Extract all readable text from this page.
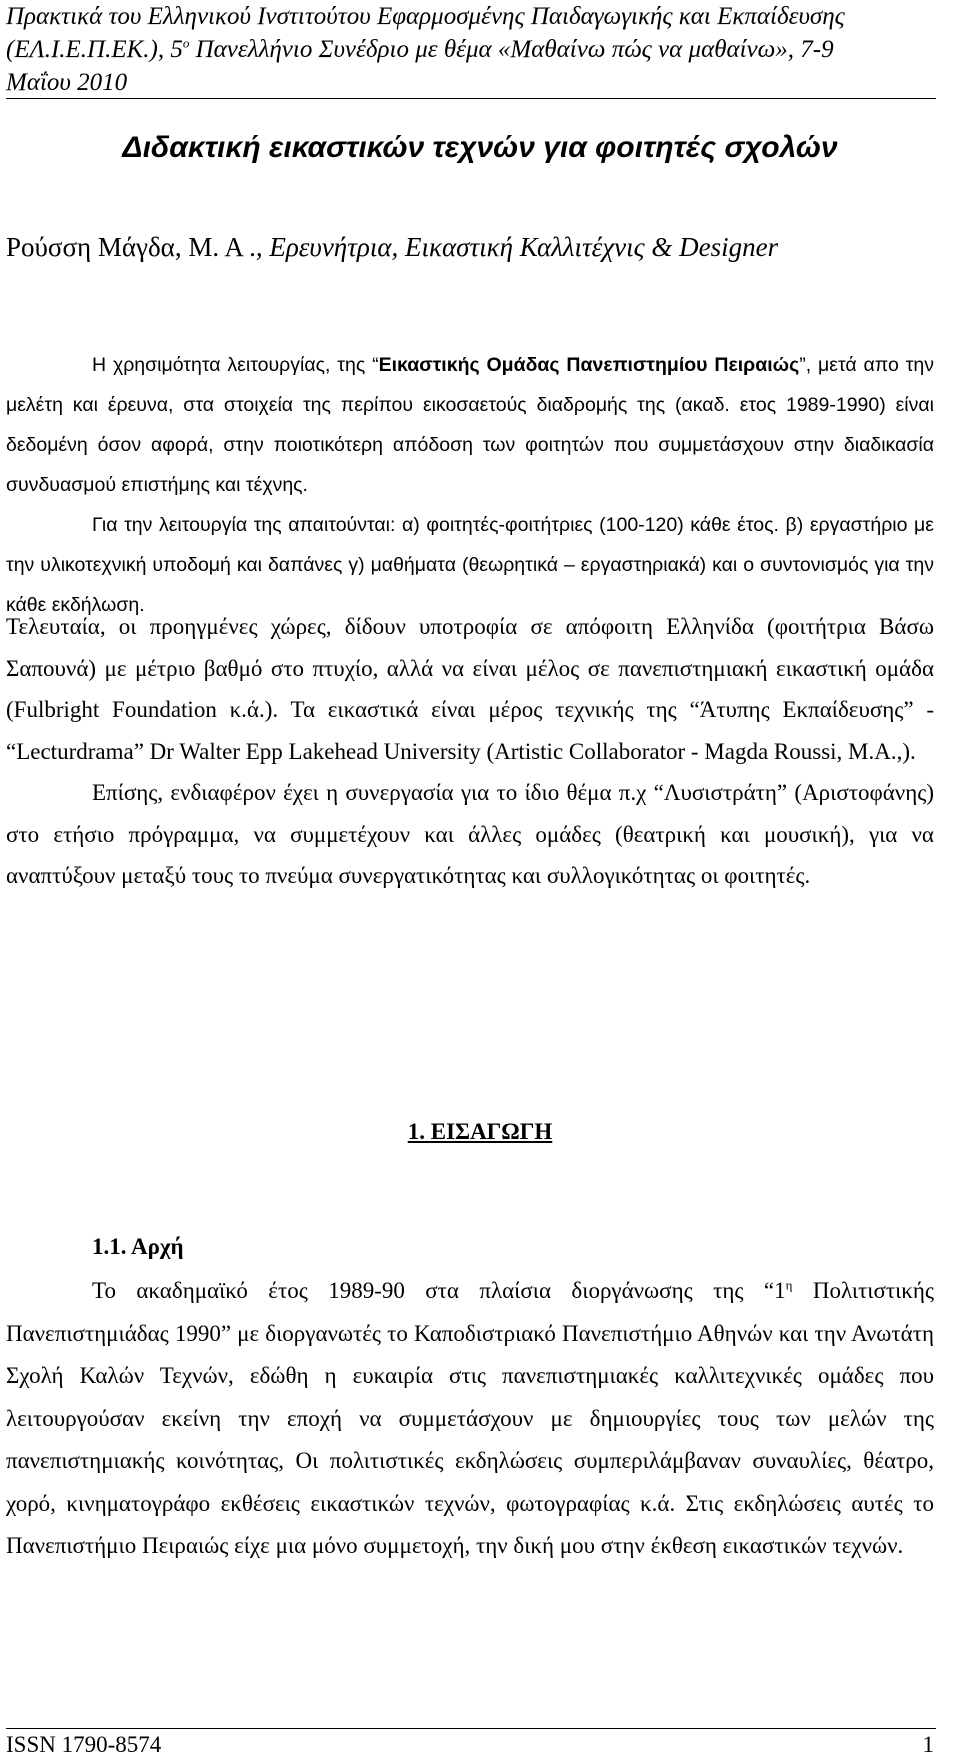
Πρακτικά του Ελληνικού Ινστιτούτου Εφαρμοσμένης Παιδαγωγικής και Εκπαίδευσης
(ΕΛ.Ι.Ε.Π.ΕΚ.), $5^o$ Πανελλήνιο Συνέδριο με θέμα «Μαθαίνω πώς να μαθαίνω», 7-9
Μαΐου 2010
Διδακτική εικαστικών τεχνών για φοιτητές σχολών
Ρούσση Μάγδα, Μ. Α ., Ερευνήτρια, Εικαστική Καλλιτέχνις & Designer

Η χρησιμότητα λειτουργίας, της “Εικαστικής Ομάδας Πανεπιστημίου Πειραιώς”, μετά απο την μελέτη και έρευνα, στα στοιχεία της περίπου εικοσαετούς διαδρομής της (ακαδ. ετος 1989-1990) είναι δεδομένη όσον αφορά, στην ποιοτικότερη απόδοση των φοιτητών που συμμετάσχουν στην διαδικασία συνδυασμού επιστήμης και τέχνης.

Για την λειτουργία της απαιτούνται: α) φοιτητές-φοιτήτριες (100-120) κάθε έτος. β) εργαστήριο με την υλικοτεχνική υποδομή και δαπάνες γ) μαθήματα (θεωρητικά – εργαστηριακά) και ο συντονισμός για την κάθε εκδήλωση.

Τελευταία, οι προηγμένες χώρες, δίδουν υποτροφία σε απόφοιτη Ελληνίδα (φοιτήτρια Βάσω Σαπουνά) με μέτριο βαθμό στο πτυχίο, αλλά να είναι μέλος σε πανεπιστημιακή εικαστική ομάδα (Fulbright Foundation κ.ά.). Τα εικαστικά είναι μέρος τεχνικής της “Άτυπης Εκπαίδευσης” - “Lecturdrama” Dr Walter Epp Lakehead University (Artistic Collaborator - Magda Roussi, M.A.,).

Επίσης, ενδιαφέρον έχει η συνεργασία για το ίδιο θέμα π.χ “Λυσιστράτη” (Αριστοφάνης) στο ετήσιο πρόγραμμα, να συμμετέχουν και άλλες ομάδες (θεατρική και μουσική), για να αναπτύξουν μεταξύ τους το πνεύμα συνεργατικότητας και συλλογικότητας οι φοιτητές.

1. ΕΙΣΑΓΩΓΗ
1.1. Αρχή

Το ακαδημαϊκό έτος 1989-90 στα πλαίσια διοργάνωσης της “$1^\eta$ Πολιτιστικής Πανεπιστημιάδας 1990” με διοργανωτές το Καποδιστριακό Πανεπιστήμιο Αθηνών και την Ανωτάτη Σχολή Καλών Τεχνών, εδώθη η ευκαιρία στις πανεπιστημιακές καλλιτεχνικές ομάδες που λειτουργούσαν εκείνη την εποχή να συμμετάσχουν με δημιουργίες τους των μελών της πανεπιστημιακής κοινότητας, Οι πολιτιστικές εκδηλώσεις συμπεριλάμβαναν συναυλίες, θέατρο, χορό, κινηματογράφο εκθέσεις εικαστικών τεχνών, φωτογραφίας κ.ά. Στις εκδηλώσεις αυτές το Πανεπιστήμιο Πειραιώς είχε μια μόνο συμμετοχή, την δική μου στην έκθεση εικαστικών τεχνών.

ISSN 1790-8574	1
